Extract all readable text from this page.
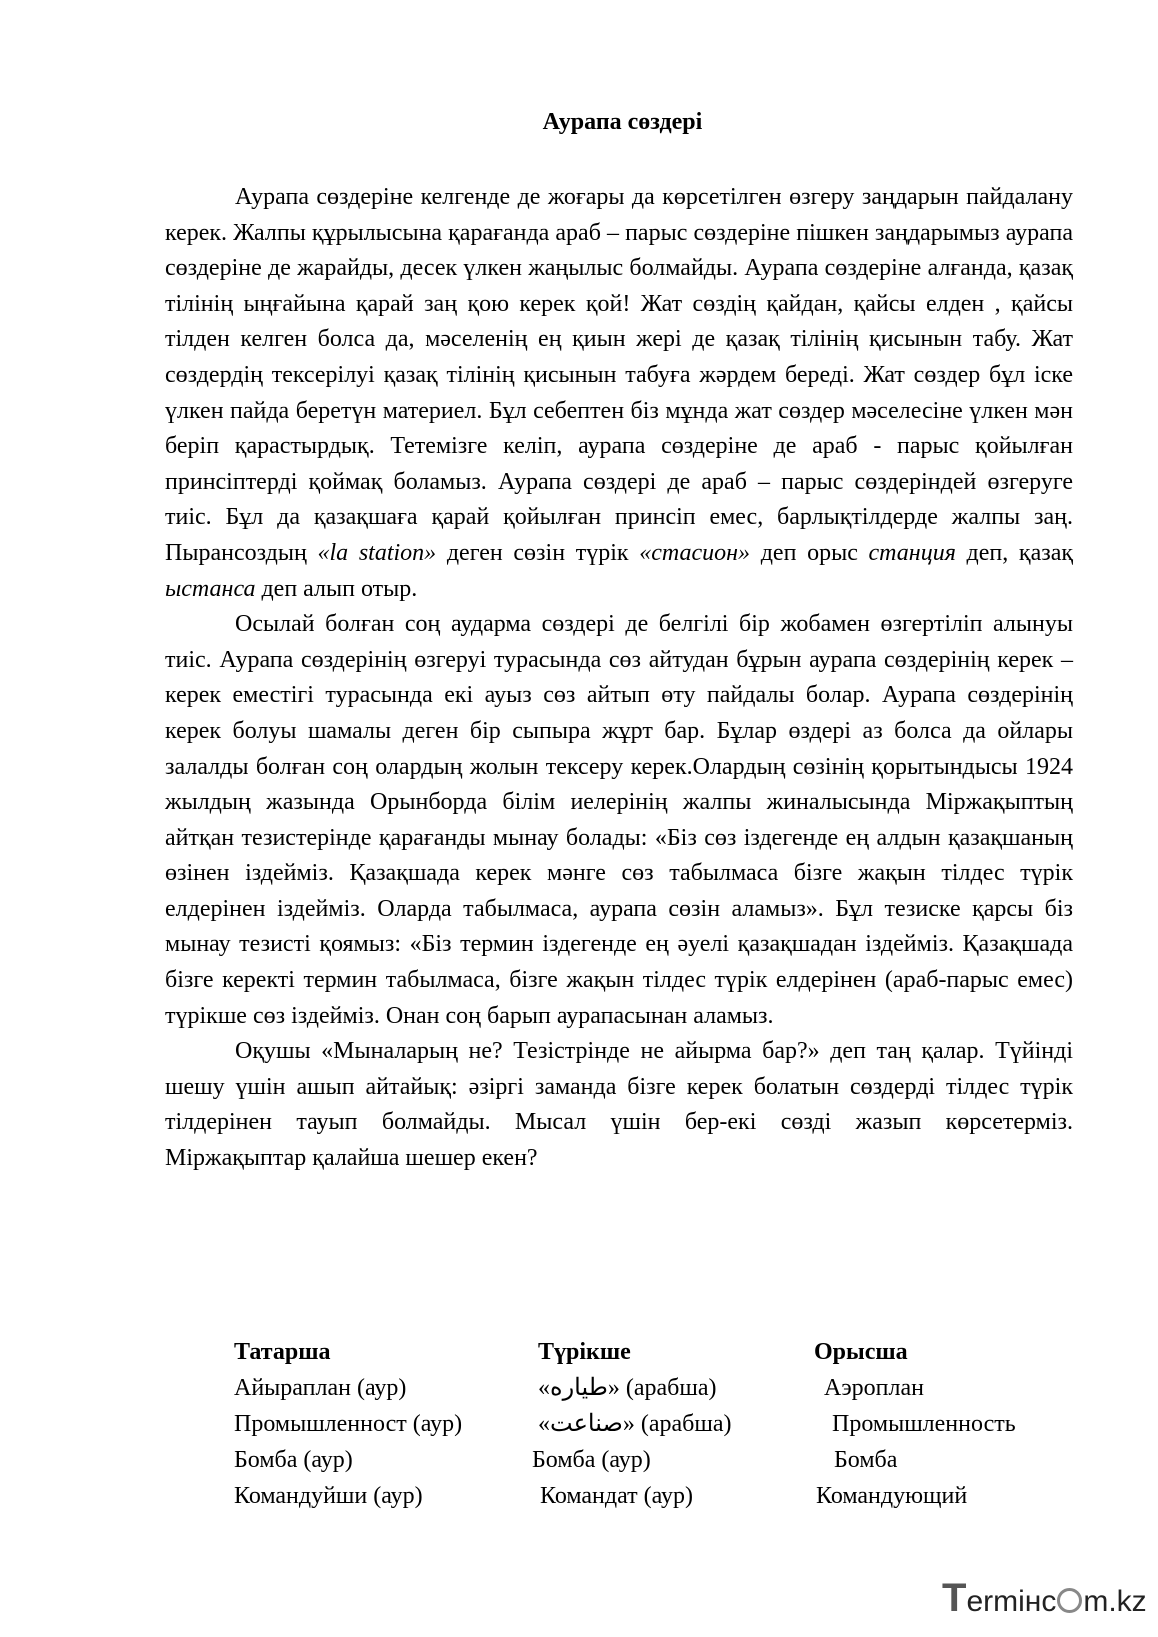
Аурапа сөздері

Аурапа сөздеріне келгенде де жоғары да көрсетілген өзгеру заңдарын пайдалану керек. Жалпы құрылысына қарағанда араб – парыс сөздеріне пішкен заңдарымыз аурапа сөздеріне де жарайды, десек үлкен жаңылыс болмайды. Аурапа сөздеріне алғанда, қазақ тілінің ыңғайына қарай заң қою керек қой! Жат сөздің қайдан, қайсы елден , қайсы тілден келген болса да, мәселенің ең қиын жері де қазақ тілінің қисынын табу. Жат сөздердің тексерілуі қазақ тілінің қисынын табуға жәрдем береді. Жат сөздер бұл іске үлкен пайда беретүн материел. Бұл себептен біз мұнда жат сөздер мәселесіне үлкен мән беріп қарастырдық. Тетемізге келіп, аурапа сөздеріне де араб - парыс қойылған принсіптерді қоймақ боламыз. Аурапа сөздері де араб – парыс сөздеріндей өзгеруге тиіс. Бұл да қазақшаға қарай қойылған принсіп емес, барлықтілдерде жалпы заң. Пырансоздың «la station» деген сөзін түрік «стасион» деп орыс станция деп, қазақ ыстанса деп алып отыр.

Осылай болған соң аударма сөздері де белгілі бір жобамен өзгертіліп алынуы тиіс. Аурапа сөздерінің өзгеруі турасында сөз айтудан бұрын аурапа сөздерінің керек –керек еместігі турасында екі ауыз сөз айтып өту пайдалы болар. Аурапа сөздерінің керек болуы шамалы деген бір сыпыра жұрт бар. Бұлар өздері аз болса да ойлары залалды болған соң олардың жолын тексеру керек.Олардың сөзінің қорытындысы 1924 жылдың жазында Орынборда білім иелерінің жалпы жиналысында Міржақыптың айтқан тезистерінде қарағанды мынау болады: «Біз сөз іздегенде ең алдын қазақшаның өзінен іздейміз. Қазақшада керек мәнге сөз табылмаса бізге жақын тілдес түрік елдерінен іздейміз. Оларда табылмаса, аурапа сөзін аламыз». Бұл тезиске қарсы біз мынау тезисті қоямыз: «Біз термин іздегенде ең әуелі қазақшадан іздейміз. Қазақшада бізге керекті термин табылмаса, бізге жақын тілдес түрік елдерінен (араб-парыс емес) түрікше сөз іздейміз. Онан соң барып аурапасынан аламыз.

Оқушы «Мыналарың не? Тезістрінде не айырма бар?» деп таң қалар. Түйінді шешу үшін ашып айтайық: әзіргі заманда бізге керек болатын сөздерді тілдес түрік тілдерінен тауып болмайды. Мысал үшін бер-екі сөзді жазып көрсетерміз. Міржақыптар қалайша шешер екен?

Татарша	Түрікше	Орысша
Айыраплан (аур)	«طياره» (арабша)	Аэроплан
Промышленност (аур)	«صناعت» (арабша)	Промышленность
Бомба (аур)	Бомба (аур)	Бомба
Командуйши (аур)	Командат (аур)	Командующий
Termінс m.kz
